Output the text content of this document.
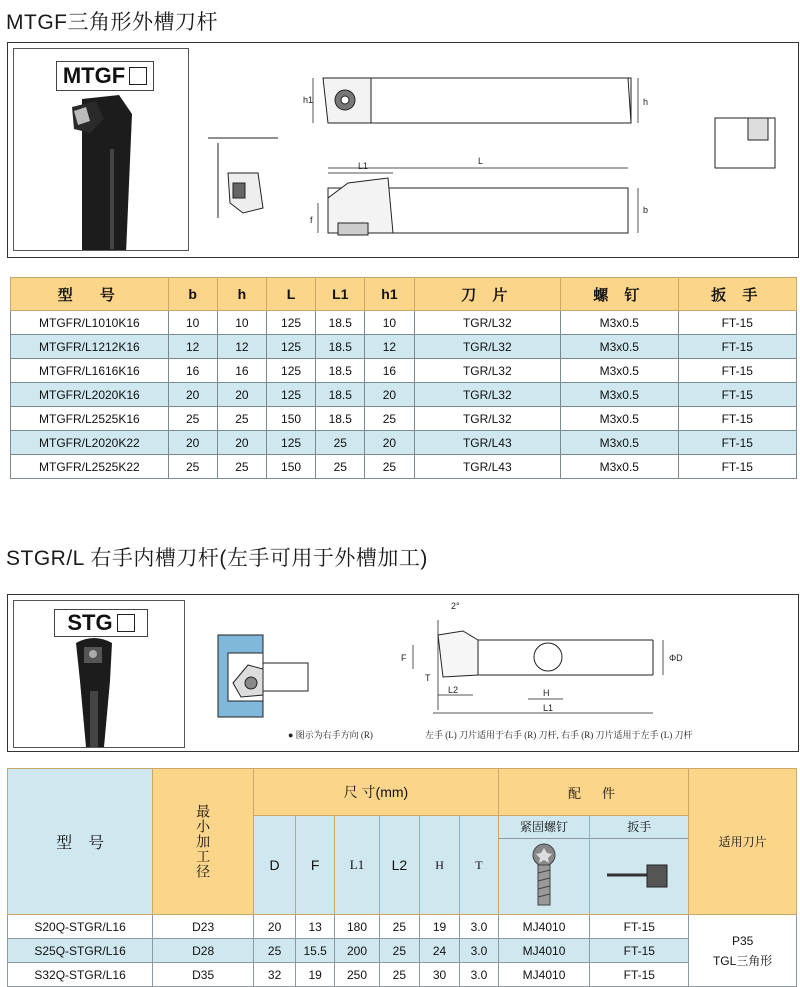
MTGF三角形外槽刀杆
MTGF
h1	h
L
L1
f
b
型　号	b	h	L	L1	h1	刀 片	螺 钉	扳 手
MTGFR/L1010K16	10	10	125	18.5	10	TGR/L32	M3x0.5	FT-15
MTGFR/L1212K16	12	12	125	18.5	12	TGR/L32	M3x0.5	FT-15
MTGFR/L1616K16	16	16	125	18.5	16	TGR/L32	M3x0.5	FT-15
MTGFR/L2020K16	20	20	125	18.5	20	TGR/L32	M3x0.5	FT-15
MTGFR/L2525K16	25	25	150	18.5	25	TGR/L32	M3x0.5	FT-15
MTGFR/L2020K22	20	20	125	25	20	TGR/L43	M3x0.5	FT-15
MTGFR/L2525K22	25	25	150	25	25	TGR/L43	M3x0.5	FT-15
STGR/L 右手内槽刀杆(左手可用于外槽加工)
STG
2°
F
T
L2	H
L1
ΦD
● 图示为右手方向 (R)	左手 (L) 刀片适用于右手 (R) 刀杆, 右手 (R) 刀片适用于左手 (L) 刀杆
型　号	最小加工径	尺 寸(mm)						配　件		适用刀片
		D	F	L1	L2	H	T	紧固螺钉	扳手	

S20Q-STGR/L16	D23	20	13	180	25	19	3.0	MJ4010	FT-15	P35
TGL三角形

S25Q-STGR/L16	D28	25	15.5	200	25	24	3.0	MJ4010	FT-15	
S32Q-STGR/L16	D35	32	19	250	25	30	3.0	MJ4010	FT-15	
